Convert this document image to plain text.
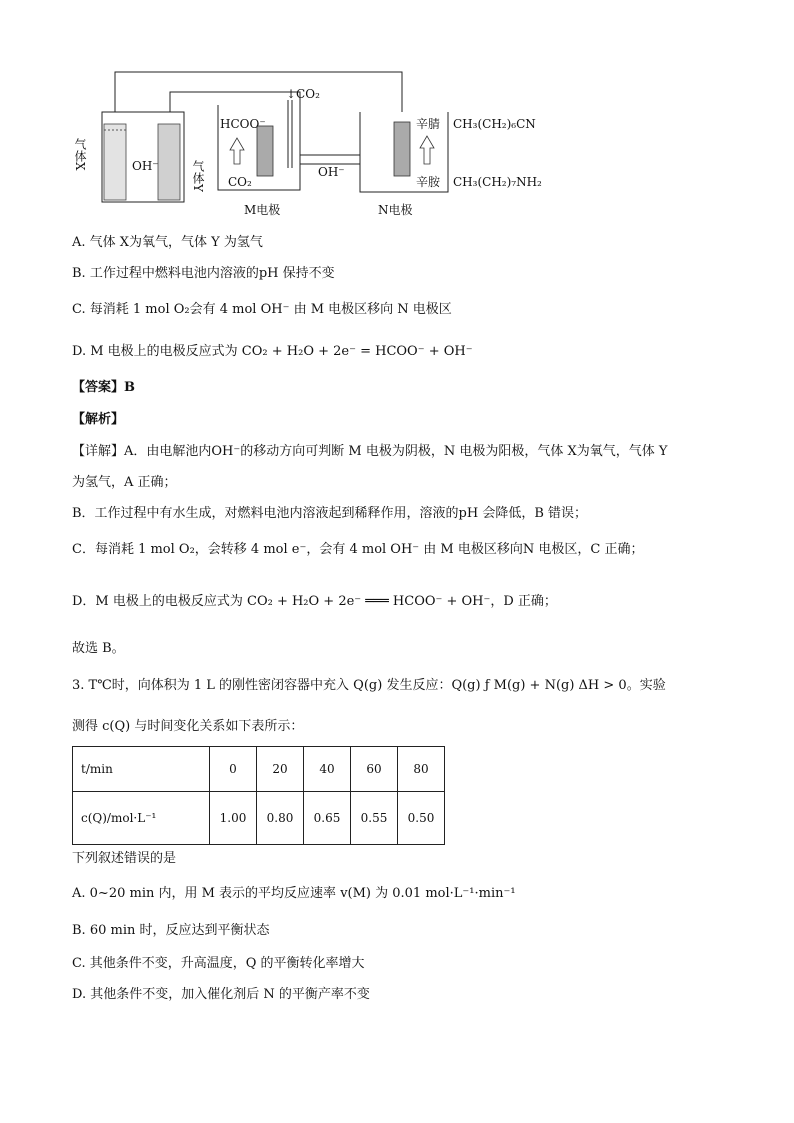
气体X
气体Y
OH⁻
HCOO⁻
CO₂
↓CO₂
OH⁻
M电极	N电极
辛腈
辛胺
CH₃(CH₂)₆CN
CH₃(CH₂)₇NH₂
A. 气体 X为氧气，气体 Y 为氢气
B. 工作过程中燃料电池内溶液的pH 保持不变
C. 每消耗 1 mol O₂会有 4 mol OH⁻ 由 M 电极区移向 N 电极区
D. M 电极上的电极反应式为 CO₂ + H₂O + 2e⁻ = HCOO⁻ + OH⁻
【答案】B
【解析】
【详解】A．由电解池内OH⁻的移动方向可判断 M 电极为阴极，N 电极为阳极，气体 X为氧气，气体 Y
为氢气，A 正确；
B．工作过程中有水生成，对燃料电池内溶液起到稀释作用，溶液的pH 会降低，B 错误；
C．每消耗 1 mol O₂，会转移 4 mol e⁻，会有 4 mol OH⁻ 由 M 电极区移向N 电极区，C 正确；
D．M 电极上的电极反应式为 CO₂ + H₂O + 2e⁻ ═══ HCOO⁻ + OH⁻，D 正确；
故选 B。
3. T℃时，向体积为 1 L 的刚性密闭容器中充入 Q(g) 发生反应：Q(g) ƒ M(g) + N(g) ΔH > 0。实验
测得 c(Q) 与时间变化关系如下表所示：
t/min	0	20	40	60	80
c(Q)/mol·L⁻¹	1.00	0.80	0.65	0.55	0.50
下列叙述错误的是
A. 0~20 min 内，用 M 表示的平均反应速率 v(M) 为 0.01 mol·L⁻¹·min⁻¹
B. 60 min 时，反应达到平衡状态
C. 其他条件不变，升高温度，Q 的平衡转化率增大
D. 其他条件不变，加入催化剂后 N 的平衡产率不变
